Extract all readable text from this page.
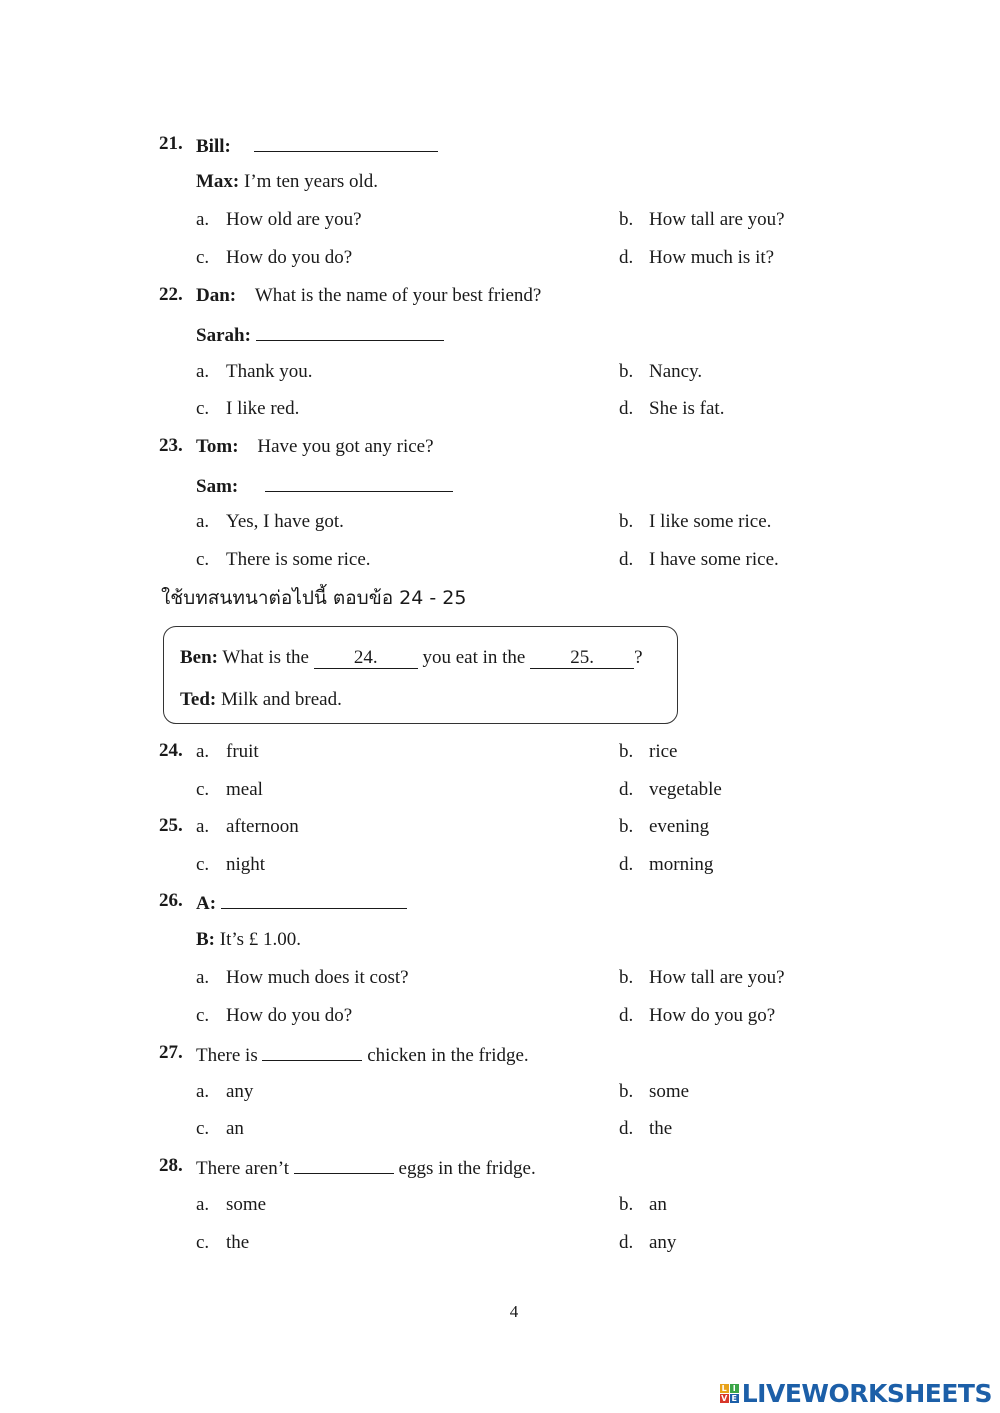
21. Bill:
Max: I’m ten years old.
a. How old are you?	b. How tall are you?
c. How do you do?	d. How much is it?
22. Dan: What is the name of your best friend?
Sarah:
a. Thank you.	b. Nancy.
c. I like red.	d. She is fat.
23. Tom: Have you got any rice?
Sam:
a. Yes, I have got.	b. I like some rice.
c. There is some rice.	d. I have some rice.
ใช้บทสนทนาต่อไปนี้ ตอบข้อ 24 - 25
Ben: What is the 24. you eat in the 25. ?
Ted: Milk and bread.
24. a. fruit	b. rice
c. meal	d. vegetable
25. a. afternoon	b. evening
c. night	d. morning
26. A:
B: It’s £ 1.00.
a. How much does it cost?	b. How tall are you?
c. How do you do?	d. How do you go?
27. There is	chicken in the fridge.
a. any	b. some
c. an	d. the
28. There aren’t	eggs in the fridge.
a. some	b. an
c. the	d. any
4
L I
V E LIVEWORKSHEETS
